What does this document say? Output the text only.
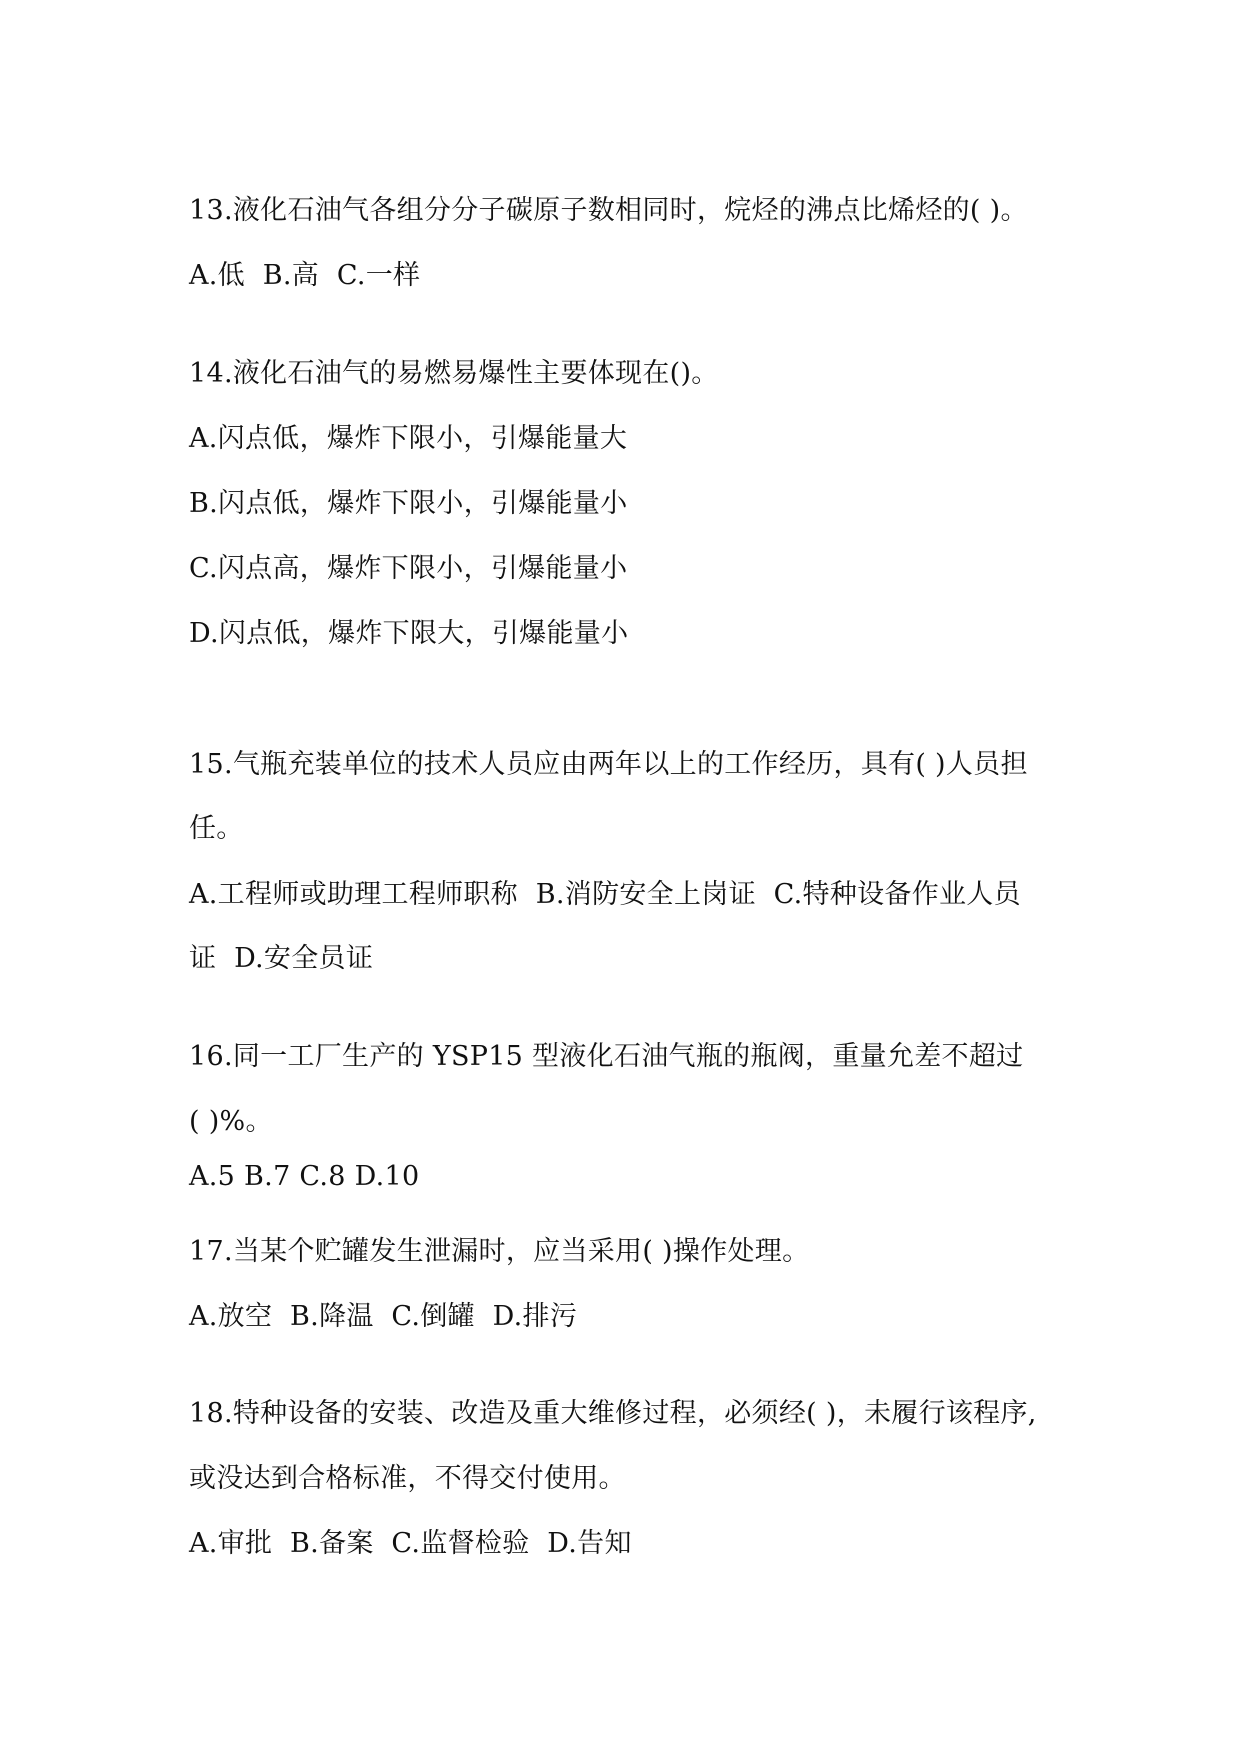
13.液化石油气各组分分子碳原子数相同时，烷烃的沸点比烯烃的( )。
A.低  B.高  C.一样
14.液化石油气的易燃易爆性主要体现在()。
A.闪点低，爆炸下限小，引爆能量大
B.闪点低，爆炸下限小，引爆能量小
C.闪点高，爆炸下限小，引爆能量小
D.闪点低，爆炸下限大，引爆能量小
15.气瓶充装单位的技术人员应由两年以上的工作经历，具有( )人员担
任。
A.工程师或助理工程师职称  B.消防安全上岗证  C.特种设备作业人员
证  D.安全员证
16.同一工厂生产的 YSP15 型液化石油气瓶的瓶阀，重量允差不超过
( )%。
A.5 B.7 C.8 D.10
17.当某个贮罐发生泄漏时，应当采用( )操作处理。
A.放空  B.降温  C.倒罐  D.排污
18.特种设备的安装、改造及重大维修过程，必须经( )，未履行该程序,
或没达到合格标准，不得交付使用。
A.审批  B.备案  C.监督检验  D.告知
